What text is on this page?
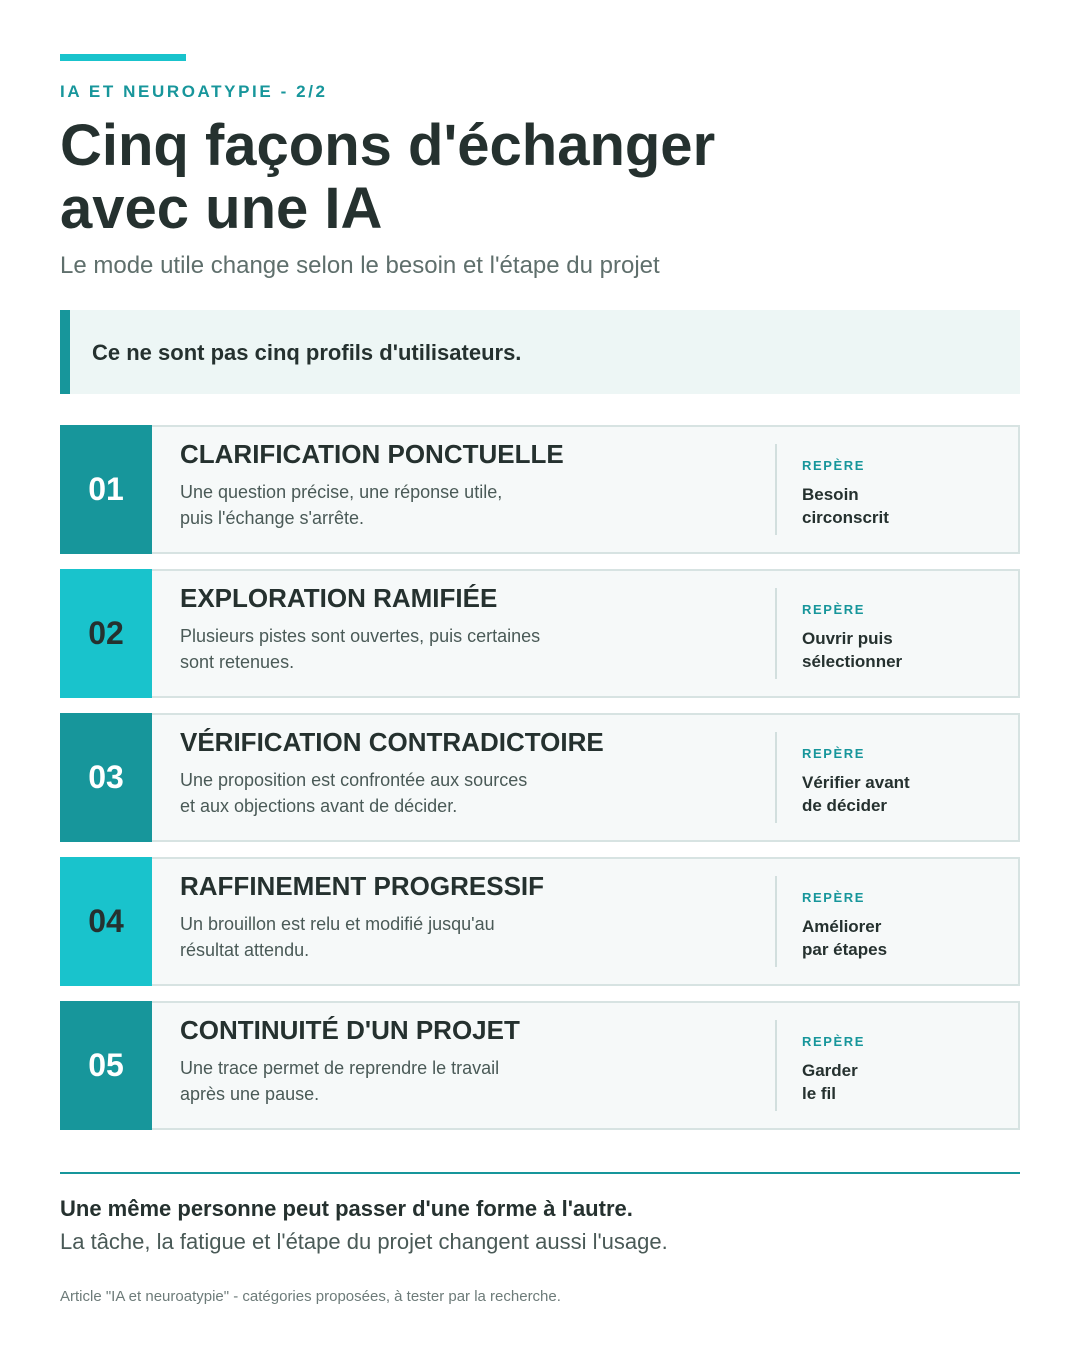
IA ET NEUROATYPIE - 2/2
Cinq façons d'échanger
avec une IA
Le mode utile change selon le besoin et l'étape du projet
Ce ne sont pas cinq profils d'utilisateurs.
01
CLARIFICATION PONCTUELLE
Une question précise, une réponse utile,
puis l'échange s'arrête.
REPÈRE
Besoin
circonscrit
02
EXPLORATION RAMIFIÉE
Plusieurs pistes sont ouvertes, puis certaines
sont retenues.
REPÈRE
Ouvrir puis
sélectionner
03
VÉRIFICATION CONTRADICTOIRE
Une proposition est confrontée aux sources
et aux objections avant de décider.
REPÈRE
Vérifier avant
de décider
04
RAFFINEMENT PROGRESSIF
Un brouillon est relu et modifié jusqu'au
résultat attendu.
REPÈRE
Améliorer
par étapes
05
CONTINUITÉ D'UN PROJET
Une trace permet de reprendre le travail
après une pause.
REPÈRE
Garder
le fil
Une même personne peut passer d'une forme à l'autre.
La tâche, la fatigue et l'étape du projet changent aussi l'usage.
Article "IA et neuroatypie" - catégories proposées, à tester par la recherche.
